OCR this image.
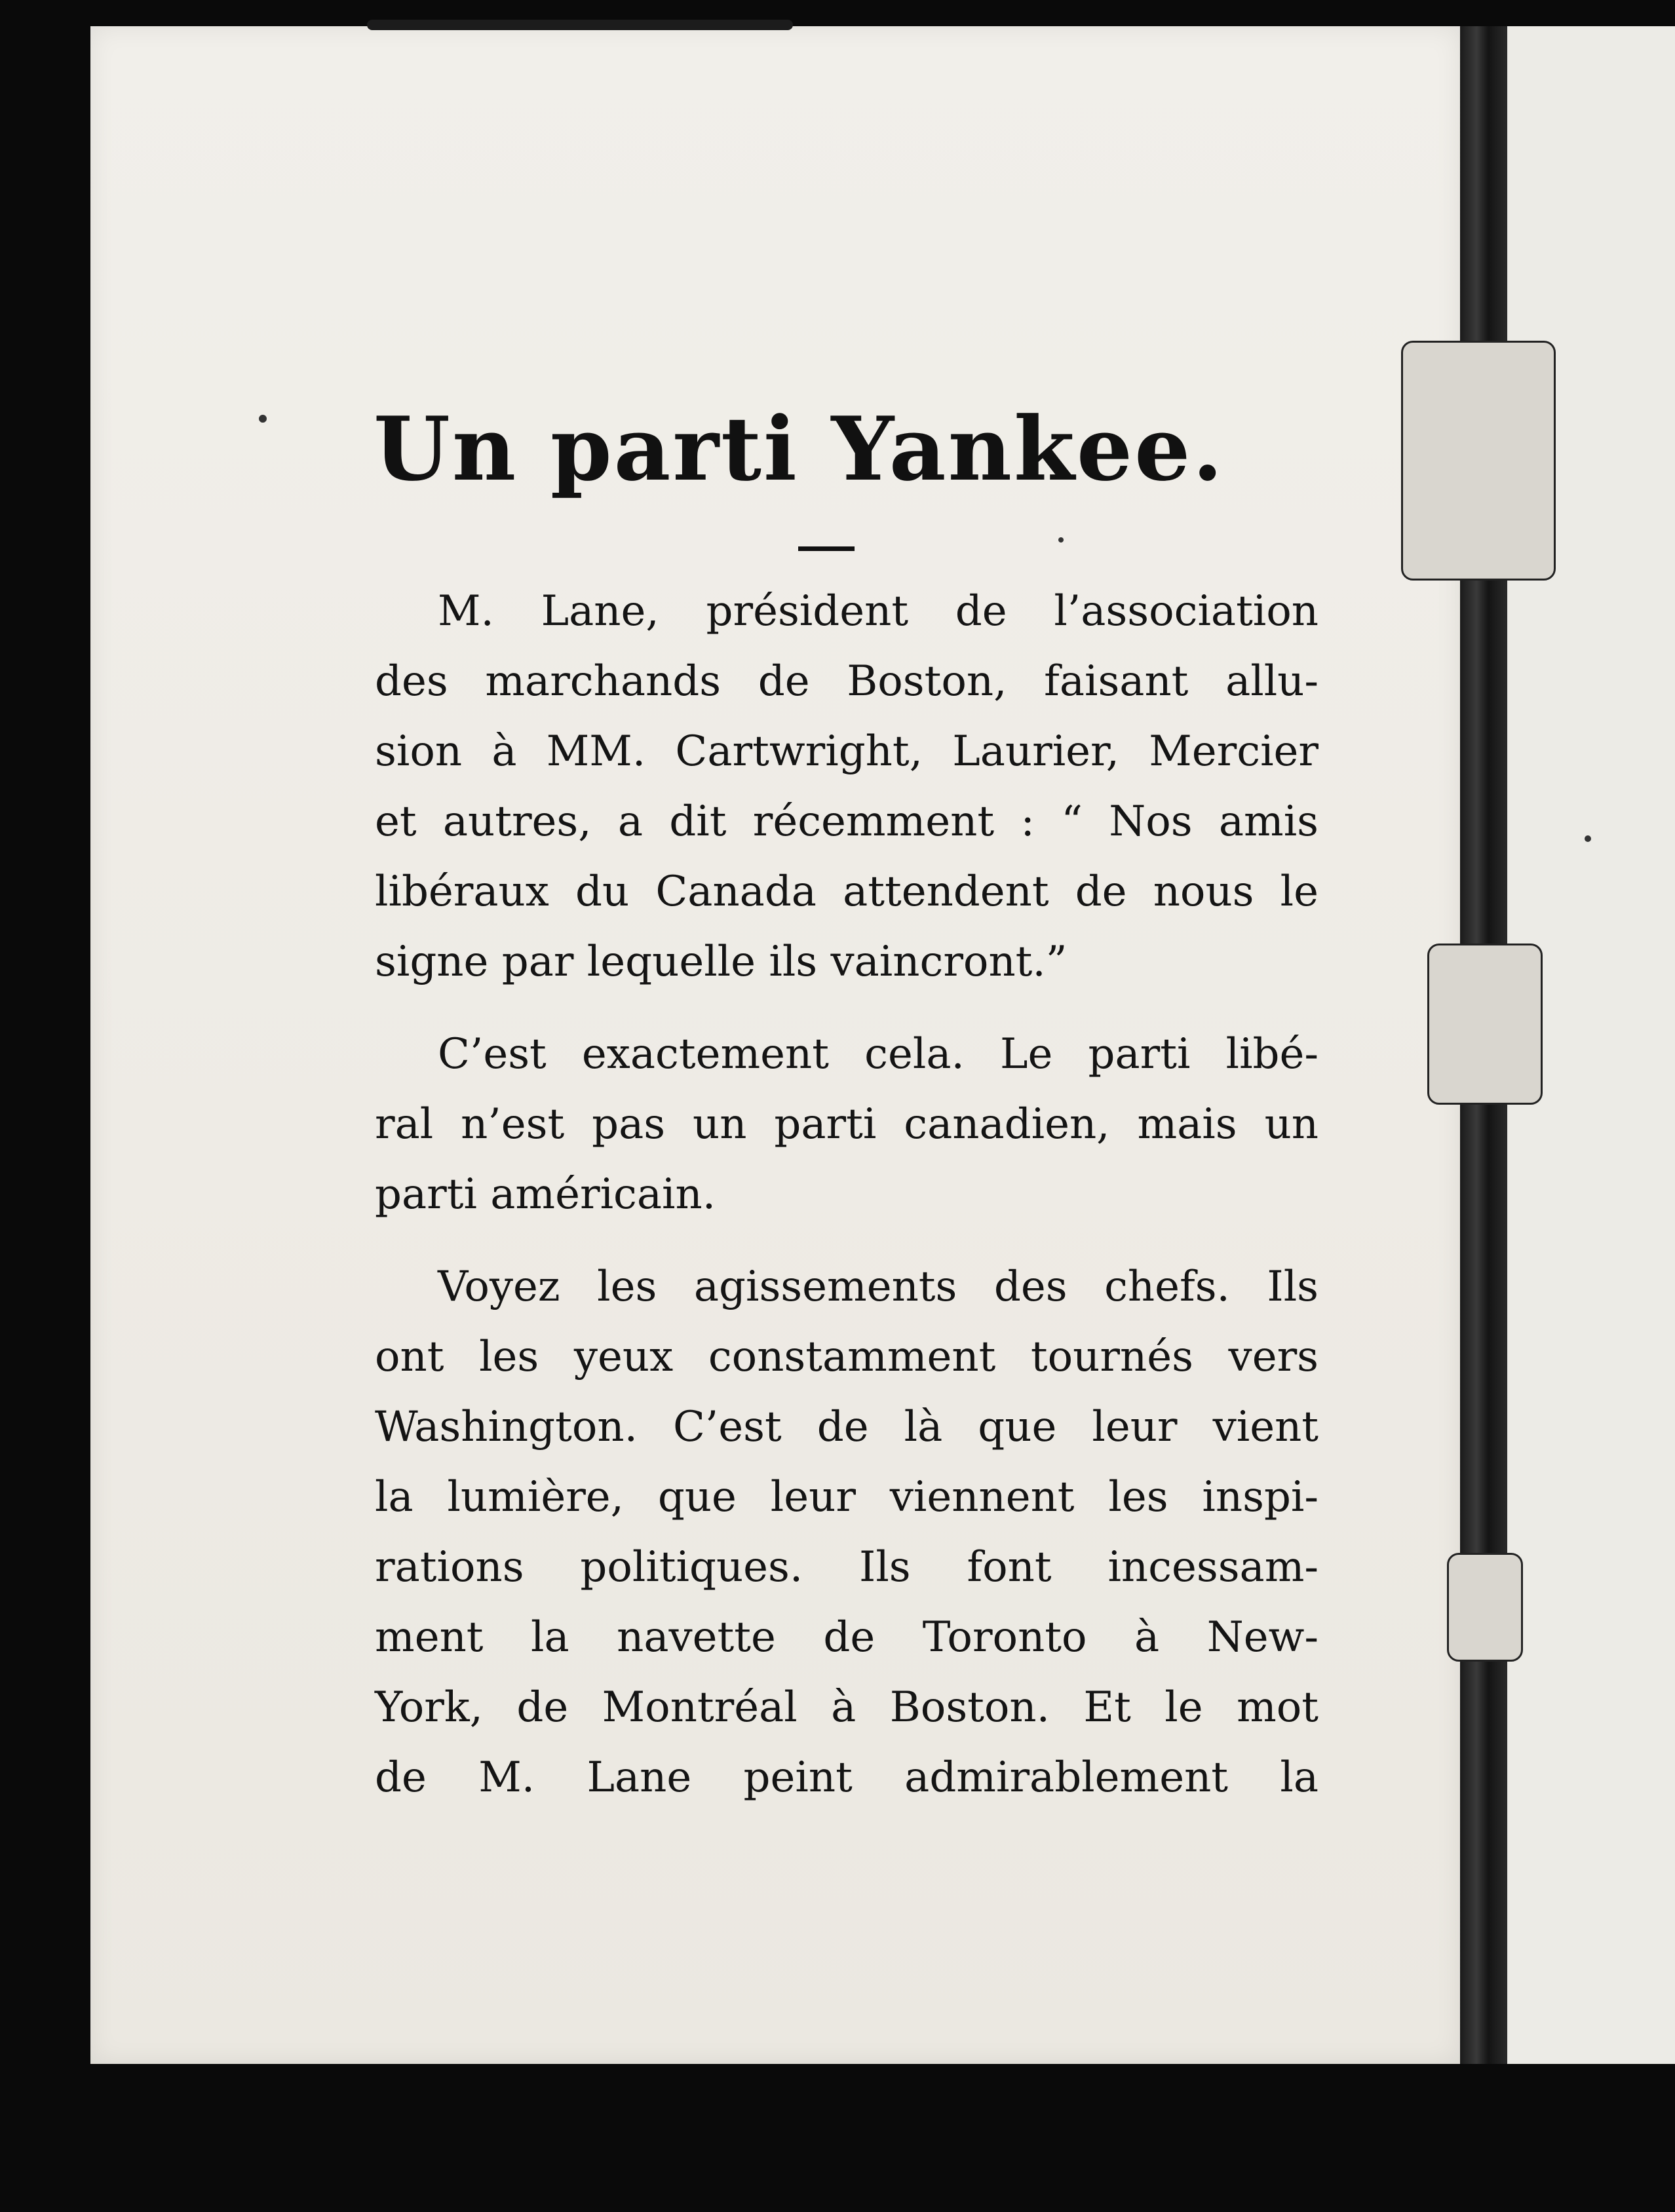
Un parti Yankee.

M. Lane, président de l’association
des marchands de Boston, faisant allu-
sion à MM. Cartwright, Laurier, Mercier
et autres, a dit récemment : “ Nos amis
libéraux du Canada attendent de nous le
signe par lequelle ils vaincront.”

C’est exactement cela. Le parti libé-
ral n’est pas un parti canadien, mais un
parti américain.

Voyez les agissements des chefs. Ils
ont les yeux constamment tournés vers
Washington. C’est de là que leur vient
la lumière, que leur viennent les inspi-
rations politiques. Ils font incessam-
ment la navette de Toronto à New-
York, de Montréal à Boston. Et le mot
de M. Lane peint admirablement la
